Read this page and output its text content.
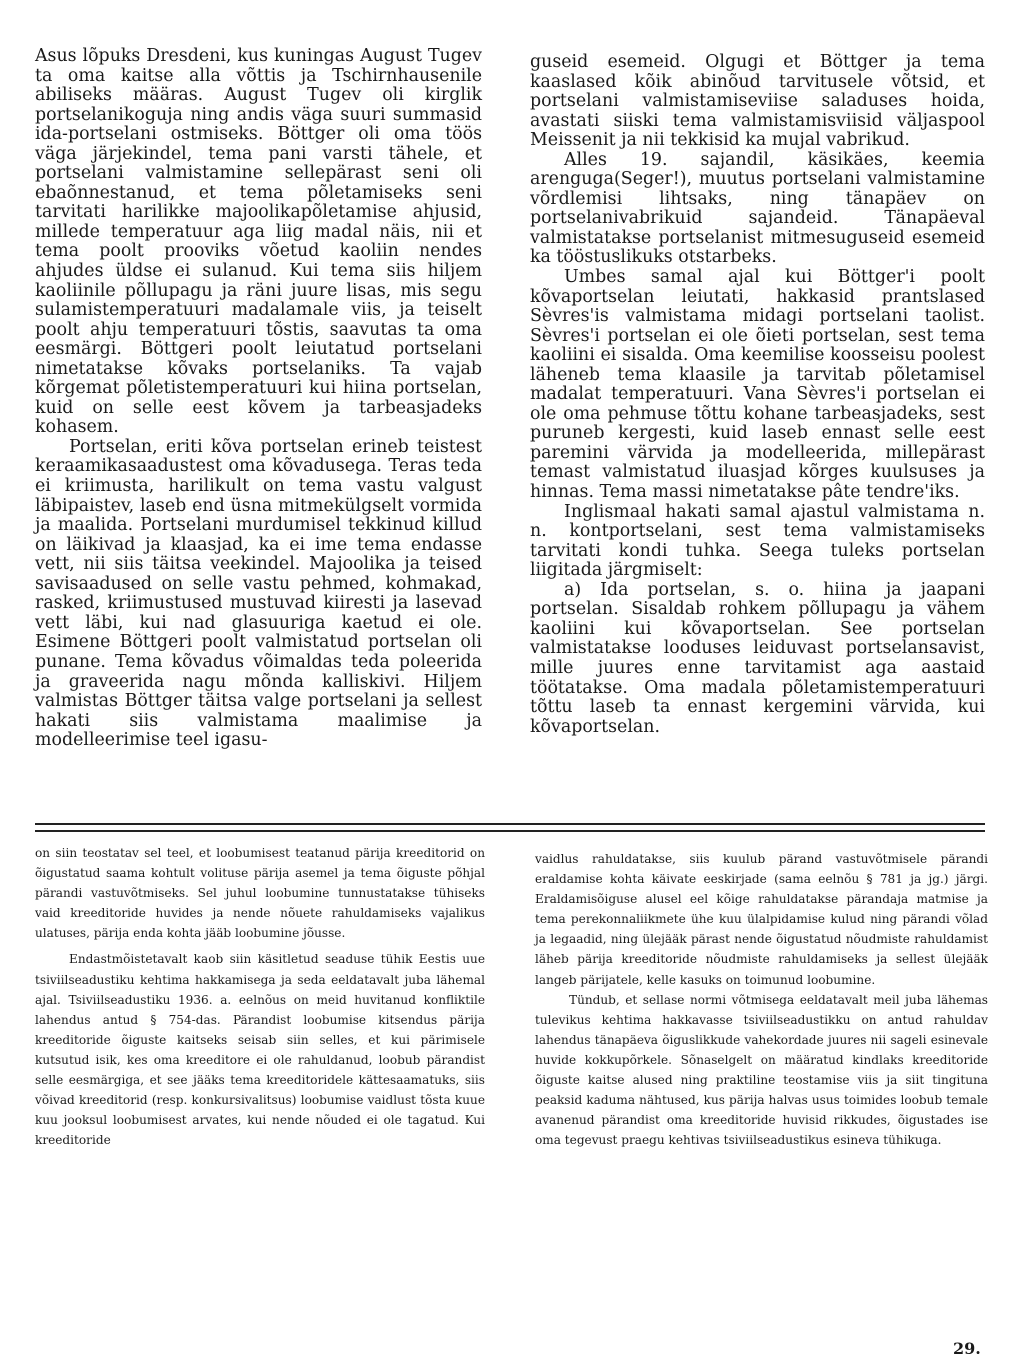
Asus lõpuks Dresdeni, kus kuningas August Tugev ta oma kaitse alla võttis ja Tschirnhausenile abiliseks määras. August Tugev oli kirglik portselanikoguja ning andis väga suuri summasid ida-portselani ostmiseks. Böttger oli oma töös väga järjekindel, tema pani varsti tähele, et portselani valmistamine sellepärast seni oli ebaõnnestanud, et tema põletamiseks seni tarvitati harilikke majoolikapõletamise ahjusid, millede temperatuur aga liig madal näis, nii et tema poolt prooviks võetud kaoliin nendes ahjudes üldse ei sulanud. Kui tema siis hiljem kaoliinile põllupagu ja räni juure lisas, mis segu sulamistemperatuuri madalamale viis, ja teiselt poolt ahju temperatuuri tõstis, saavutas ta oma eesmärgi. Böttgeri poolt leiutatud portselani nimetatakse kõvaks portselaniks. Ta vajab kõrgemat põletistemperatuuri kui hiina portselan, kuid on selle eest kõvem ja tarbeasjadeks kohasem.

Portselan, eriti kõva portselan erineb teistest keraamikasaadustest oma kõvadusega. Teras teda ei kriimusta, harilikult on tema vastu valgust läbipaistev, laseb end üsna mitmekülgselt vormida ja maalida. Portselani murdumisel tekkinud killud on läikivad ja klaasjad, ka ei ime tema endasse vett, nii siis täitsa veekindel. Majoolika ja teised savisaadused on selle vastu pehmed, kohmakad, rasked, kriimustused mustuvad kiiresti ja lasevad vett läbi, kui nad glasuuriga kaetud ei ole. Esimene Böttgeri poolt valmistatud portselan oli punane. Tema kõvadus võimaldas teda poleerida ja graveerida nagu mõnda kalliskivi. Hiljem valmistas Böttger täitsa valge portselani ja sellest hakati siis valmistama maalimise ja modelleerimise teel igasu-

guseid esemeid. Olgugi et Böttger ja tema kaaslased kõik abinõud tarvitusele võtsid, et portselani valmistamiseviise saladuses hoida, avastati siiski tema valmistamisviisid väljaspool Meissenit ja nii tekkisid ka mujal vabrikud.

Alles 19. sajandil, käsikäes, keemia arenguga(Seger!), muutus portselani valmistamine võrdlemisi lihtsaks, ning tänapäev on portselanivabrikuid sajandeid. Tänapäeval valmistatakse portselanist mitmesuguseid esemeid ka tööstuslikuks otstarbeks.

Umbes samal ajal kui Böttger'i poolt kõvaportselan leiutati, hakkasid prantslased Sèvres'is valmistama midagi portselani taolist. Sèvres'i portselan ei ole õieti portselan, sest tema kaoliini ei sisalda. Oma keemilise koosseisu poolest läheneb tema klaasile ja tarvitab põletamisel madalat temperatuuri. Vana Sèvres'i portselan ei ole oma pehmuse tõttu kohane tarbeasjadeks, sest puruneb kergesti, kuid laseb ennast selle eest paremini värvida ja modelleerida, millepärast temast valmistatud iluasjad kõrges kuulsuses ja hinnas. Tema massi nimetatakse pâte tendre'iks.

Inglismaal hakati samal ajastul valmistama n. n. kontportselani, sest tema valmistamiseks tarvitati kondi tuhka. Seega tuleks portselan liigitada järgmiselt:

a) Ida portselan, s. o. hiina ja jaapani portselan. Sisaldab rohkem põllupagu ja vähem kaoliini kui kõvaportselan. See portselan valmistatakse looduses leiduvast portselansavist, mille juures enne tarvitamist aga aastaid töötatakse. Oma madala põletamistemperatuuri tõttu laseb ta ennast kergemini värvida, kui kõvaportselan.

on siin teostatav sel teel, et loobumisest teatanud pärija kreeditorid on õigustatud saama kohtult volituse pärija asemel ja tema õiguste põhjal pärandi vastuvõtmiseks. Sel juhul loobumine tunnustatakse tühiseks vaid kreeditoride huvides ja nende nõuete rahuldamiseks vajalikus ulatuses, pärija enda kohta jääb loobumine jõusse.

Endastmõistetavalt kaob siin käsitletud seaduse tühik Eestis uue tsiviilseadustiku kehtima hakkamisega ja seda eeldatavalt juba lähemal ajal. Tsiviilseadustiku 1936. a. eelnõus on meid huvitanud konfliktile lahendus antud § 754-das. Pärandist loobumise kitsendus pärija kreeditoride õiguste kaitseks seisab siin selles, et kui pärimisele kutsutud isik, kes oma kreeditore ei ole rahuldanud, loobub pärandist selle eesmärgiga, et see jääks tema kreeditoridele kättesaamatuks, siis võivad kreeditorid (resp. konkursivalitsus) loobumise vaidlust tõsta kuue kuu jooksul loobumisest arvates, kui nende nõuded ei ole tagatud. Kui kreeditoride

vaidlus rahuldatakse, siis kuulub pärand vastuvõtmisele pärandi eraldamise kohta käivate eeskirjade (sama eelnõu § 781 ja jg.) järgi. Eraldamisõiguse alusel eel kõige rahuldatakse pärandaja matmise ja tema perekonnaliikmete ühe kuu ülalpidamise kulud ning pärandi võlad ja legaadid, ning ülejääk pärast nende õigustatud nõudmiste rahuldamist läheb pärija kreeditoride nõudmiste rahuldamiseks ja sellest ülejääk langeb pärijatele, kelle kasuks on toimunud loobumine.

Tündub, et sellase normi võtmisega eeldatavalt meil juba lähemas tulevikus kehtima hakkavasse tsiviilseadustikku on antud rahuldav lahendus tänapäeva õiguslikkude vahekordade juures nii sageli esinevale huvide kokkupõrkele. Sõnaselgelt on määratud kindlaks kreeditoride õiguste kaitse alused ning praktiline teostamise viis ja siit tingituna peaksid kaduma nähtused, kus pärija halvas usus toimides loobub temale avanenud pärandist oma kreeditoride huvisid rikkudes, õigustades ise oma tegevust praegu kehtivas tsiviilseadustikus esineva tühikuga.

29.
